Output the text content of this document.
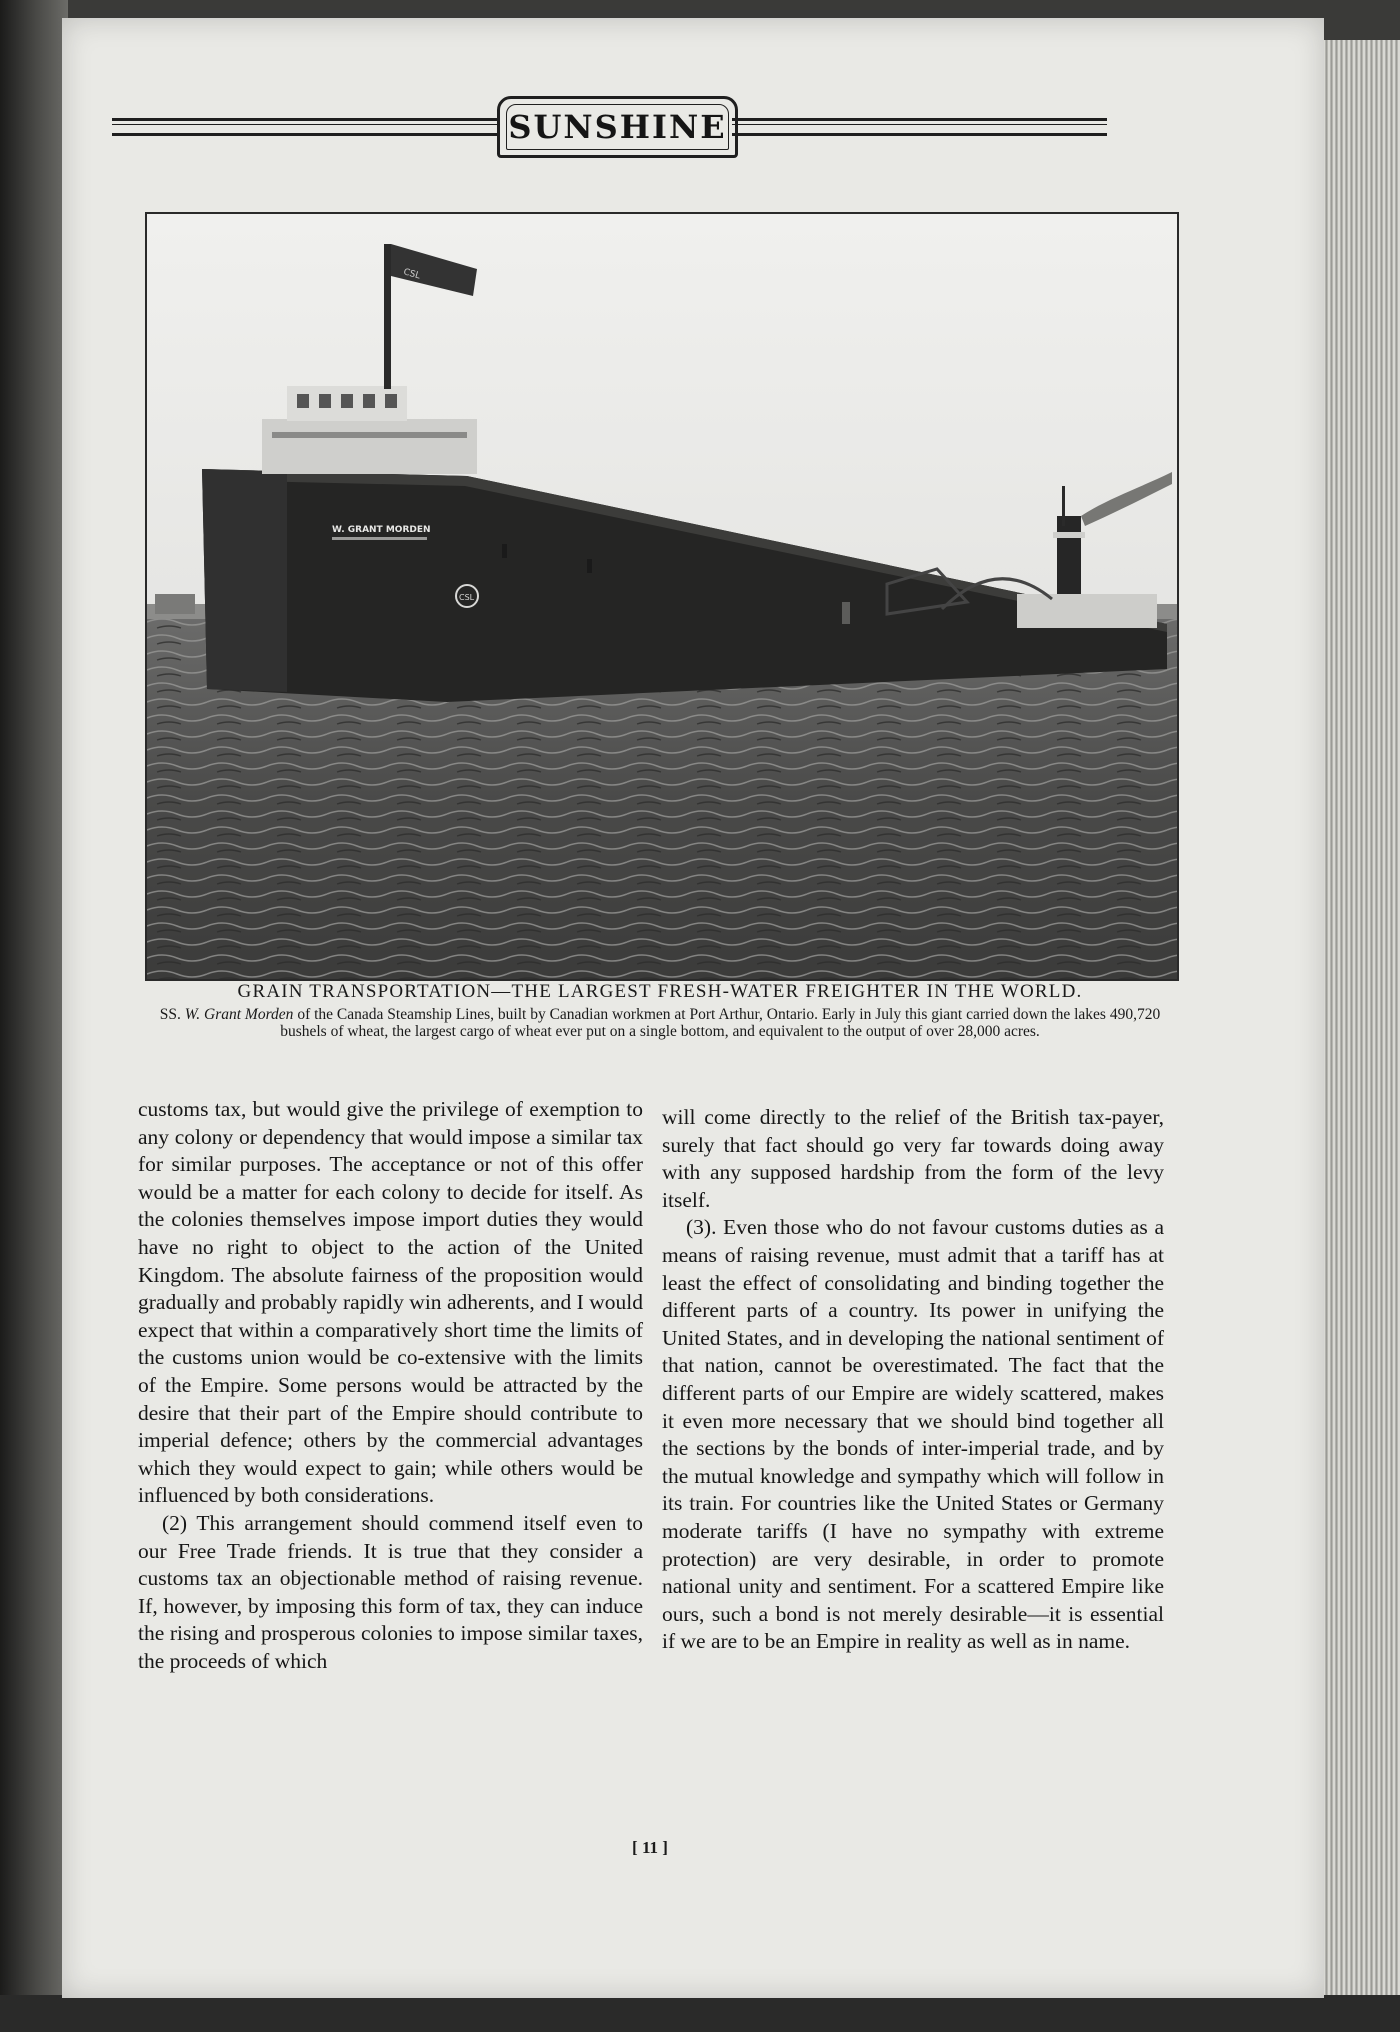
SUNSHINE
CSL
W. GRANT MORDEN
CSL

GRAIN TRANSPORTATION—THE LARGEST FRESH-WATER FREIGHTER IN THE WORLD.

SS. W. Grant Morden of the Canada Steamship Lines, built by Canadian workmen at Port Arthur, Ontario. Early in July this giant carried down the lakes 490,720 bushels of wheat, the largest cargo of wheat ever put on a single bottom, and equivalent to the output of over 28,000 acres.

customs tax, but would give the privilege of exemption to any colony or dependency that would impose a similar tax for similar purposes. The acceptance or not of this offer would be a matter for each colony to decide for itself. As the colonies themselves impose import duties they would have no right to object to the action of the United Kingdom. The absolute fairness of the proposition would gradually and probably rapidly win adherents, and I would expect that within a comparatively short time the limits of the customs union would be co-extensive with the limits of the Empire. Some persons would be attracted by the desire that their part of the Empire should contribute to imperial defence; others by the commercial advantages which they would expect to gain; while others would be influenced by both considerations.

(2) This arrangement should commend itself even to our Free Trade friends. It is true that they consider a customs tax an objectionable method of raising revenue. If, however, by imposing this form of tax, they can induce the rising and prosperous colonies to impose similar taxes, the proceeds of which

will come directly to the relief of the British tax-payer, surely that fact should go very far towards doing away with any supposed hardship from the form of the levy itself.

(3). Even those who do not favour customs duties as a means of raising revenue, must admit that a tariff has at least the effect of consolidating and binding together the different parts of a country. Its power in unifying the United States, and in developing the national sentiment of that nation, cannot be overestimated. The fact that the different parts of our Empire are widely scattered, makes it even more necessary that we should bind together all the sections by the bonds of inter-imperial trade, and by the mutual knowledge and sympathy which will follow in its train. For countries like the United States or Germany moderate tariffs (I have no sympathy with extreme protection) are very desirable, in order to promote national unity and sentiment. For a scattered Empire like ours, such a bond is not merely desirable—it is essential if we are to be an Empire in reality as well as in name.

[ 11 ]
